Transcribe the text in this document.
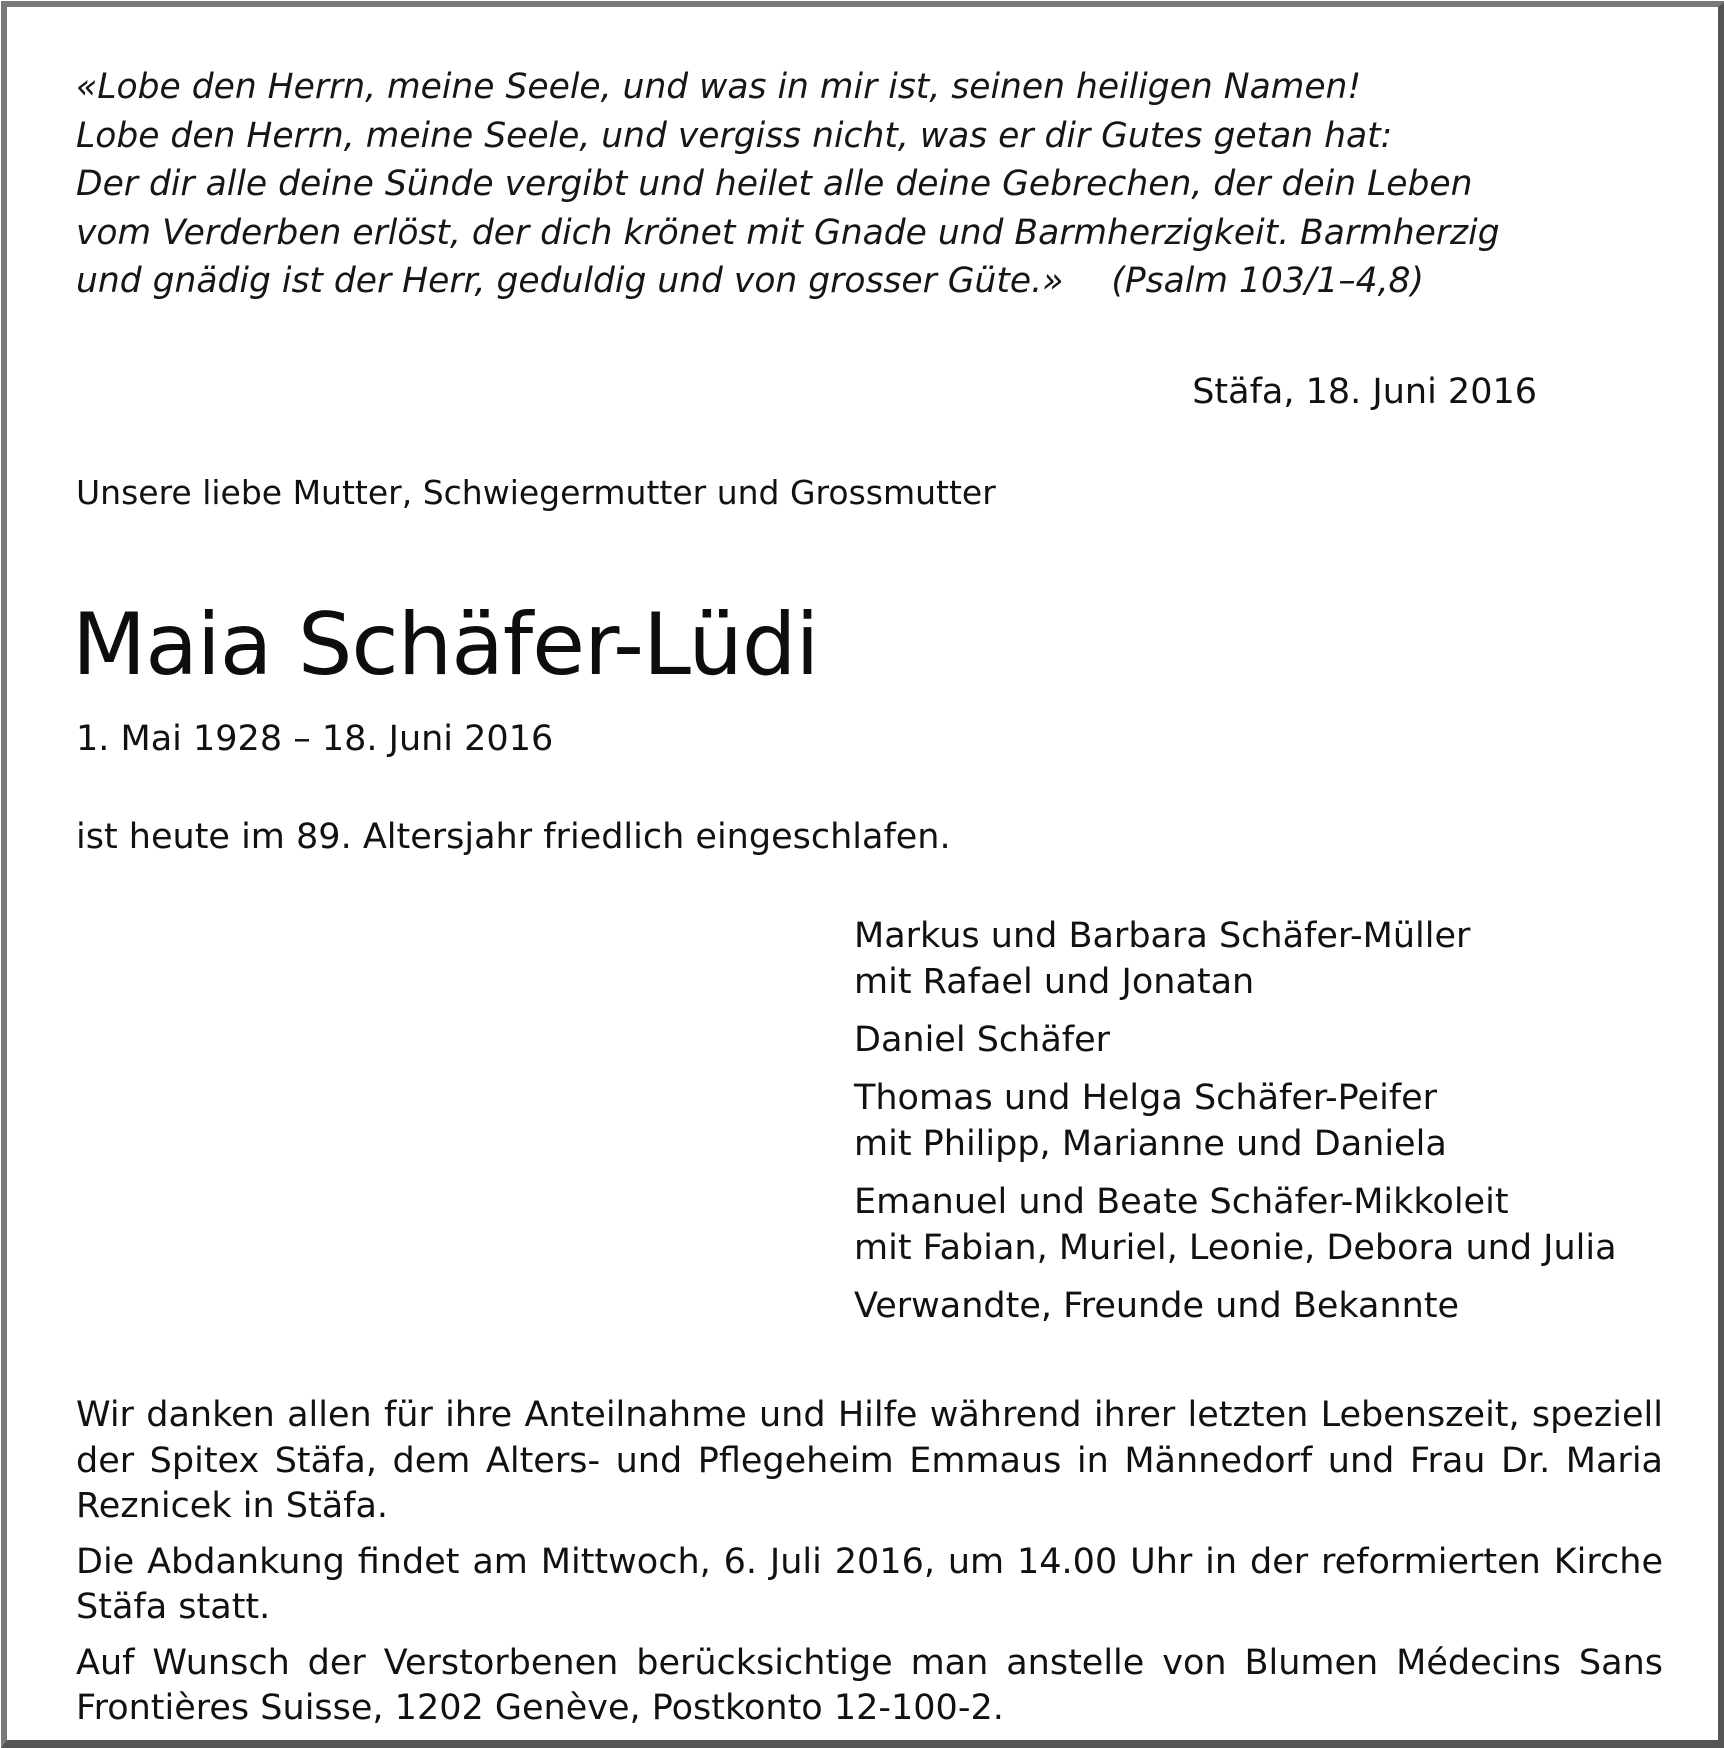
«Lobe den Herrn, meine Seele, und was in mir ist, seinen heiligen Namen!
Lobe den Herrn, meine Seele, und vergiss nicht, was er dir Gutes getan hat:
Der dir alle deine Sünde vergibt und heilet alle deine Gebrechen, der dein Leben
vom Verderben erlöst, der dich krönet mit Gnade und Barmherzigkeit. Barmherzig
und gnädig ist der Herr, geduldig und von grosser Güte.» (Psalm 103/1–4,8)
Stäfa, 18. Juni 2016
Unsere liebe Mutter, Schwiegermutter und Grossmutter
Maia Schäfer-Lüdi
1. Mai 1928 – 18. Juni 2016
ist heute im 89. Altersjahr friedlich eingeschlafen.
Markus und Barbara Schäfer-Müller
mit Rafael und Jonatan
Daniel Schäfer
Thomas und Helga Schäfer-Peifer
mit Philipp, Marianne und Daniela
Emanuel und Beate Schäfer-Mikkoleit
mit Fabian, Muriel, Leonie, Debora und Julia
Verwandte, Freunde und Bekannte

Wir danken allen für ihre Anteilnahme und Hilfe während ihrer letzten Lebenszeit, speziell der Spitex Stäfa, dem Alters- und Pflegeheim Emmaus in Männedorf und Frau Dr. Maria Reznicek in Stäfa.

Die Abdankung findet am Mittwoch, 6. Juli 2016, um 14.00 Uhr in der reformierten Kirche Stäfa statt.

Auf Wunsch der Verstorbenen berücksichtige man anstelle von Blumen Médecins Sans Frontières Suisse, 1202 Genève, Postkonto 12-100-2.
